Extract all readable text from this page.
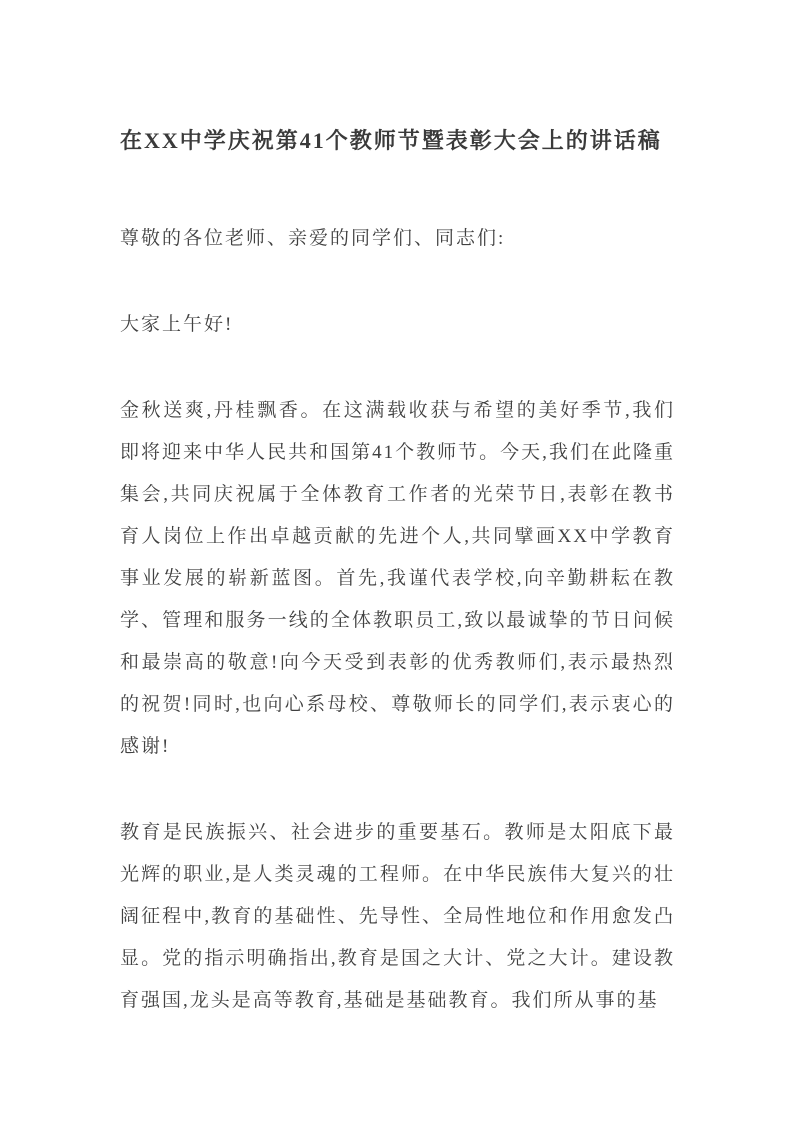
在XX中学庆祝第41个教师节暨表彰大会上的讲话稿

尊敬的各位老师、亲爱的同学们、同志们:

大家上午好!

金秋送爽,丹桂飘香。在这满载收获与希望的美好季节,我们即将迎来中华人民共和国第41个教师节。今天,我们在此隆重集会,共同庆祝属于全体教育工作者的光荣节日,表彰在教书育人岗位上作出卓越贡献的先进个人,共同擘画XX中学教育事业发展的崭新蓝图。首先,我谨代表学校,向辛勤耕耘在教学、管理和服务一线的全体教职员工,致以最诚挚的节日问候和最崇高的敬意!向今天受到表彰的优秀教师们,表示最热烈的祝贺!同时,也向心系母校、尊敬师长的同学们,表示衷心的感谢!

教育是民族振兴、社会进步的重要基石。教师是太阳底下最光辉的职业,是人类灵魂的工程师。在中华民族伟大复兴的壮阔征程中,教育的基础性、先导性、全局性地位和作用愈发凸显。党的指示明确指出,教育是国之大计、党之大计。建设教育强国,龙头是高等教育,基础是基础教育。我们所从事的基
